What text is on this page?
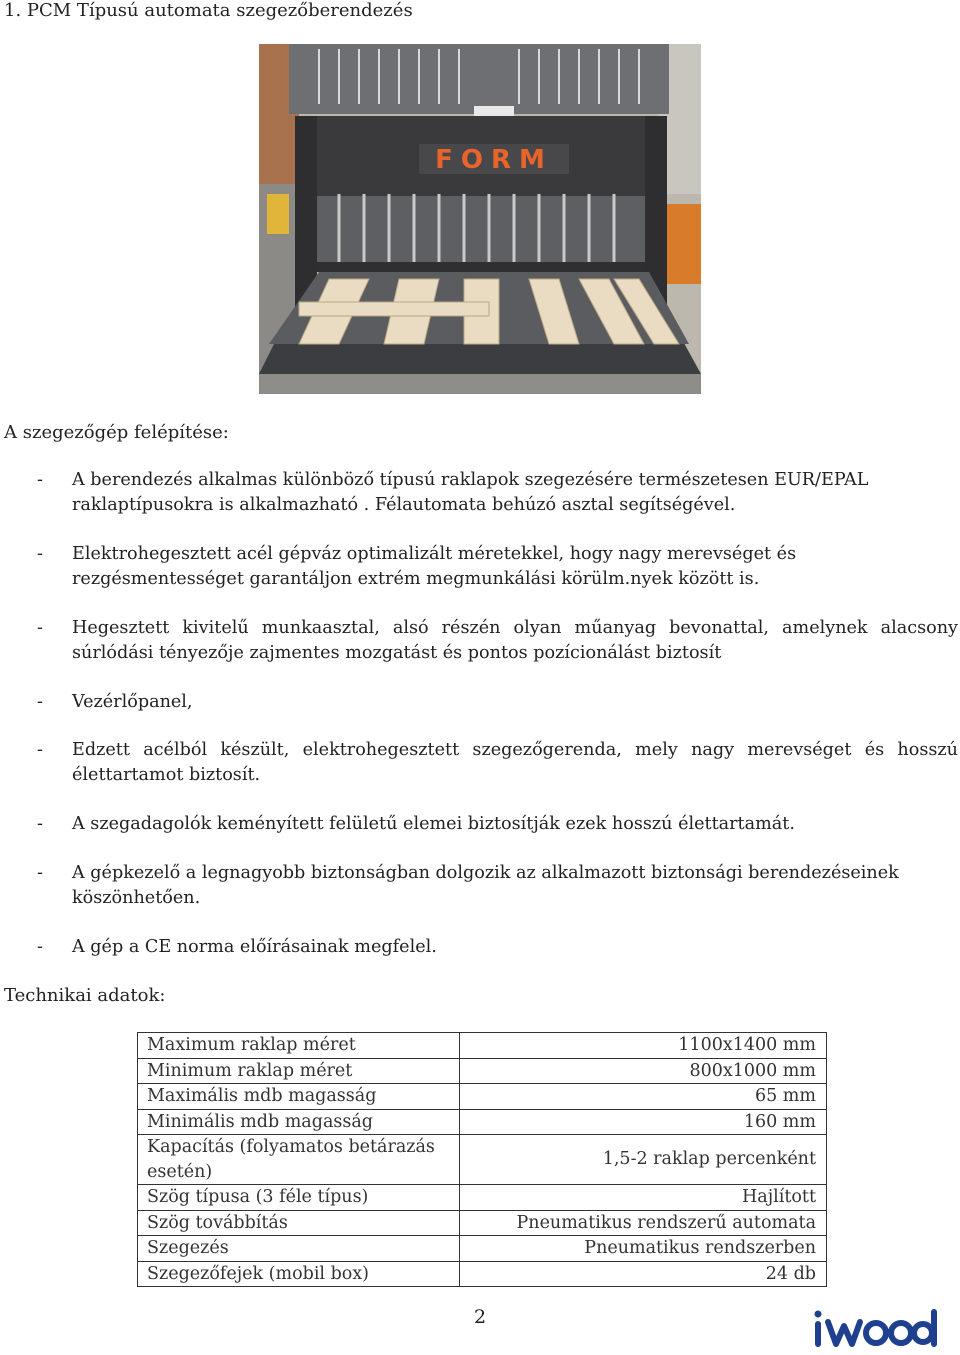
1. PCM Típusú automata szegezőberendezés
FORM
A szegezőgép felépítése:
- A berendezés alkalmas különböző típusú raklapok szegezésére természetesen EUR/EPAL raklaptípusokra is alkalmazható . Félautomata behúzó asztal segítségével.
- Elektrohegesztett acél gépváz optimalizált méretekkel, hogy nagy merevséget és rezgésmentességet garantáljon extrém megmunkálási körülm.nyek között is.
- Hegesztett kivitelű munkaasztal, alsó részén olyan műanyag bevonattal, amelynek alacsony súrlódási tényezője zajmentes mozgatást és pontos pozícionálást biztosít
- Vezérlőpanel,
- Edzett acélból készült, elektrohegesztett szegezőgerenda, mely nagy merevséget és hosszú élettartamot biztosít.
- A szegadagolók keményített felületű elemei biztosítják ezek hosszú élettartamát.
- A gépkezelő a legnagyobb biztonságban dolgozik az alkalmazott biztonsági berendezéseinek köszönhetően.
- A gép a CE norma előírásainak megfelel.
Technikai adatok:
Maximum raklap méret	1100x1400 mm
Minimum raklap méret	800x1000 mm
Maximális mdb magasság	65 mm
Minimális mdb magasság	160 mm
Kapacítás (folyamatos betárazás esetén)	1,5-2 raklap percenként
Szög típusa (3 féle típus)	Hajlított
Szög továbbítás	Pneumatikus rendszerű automata
Szegezés	Pneumatikus rendszerben
Szegezőfejek (mobil box)	24 db
2
